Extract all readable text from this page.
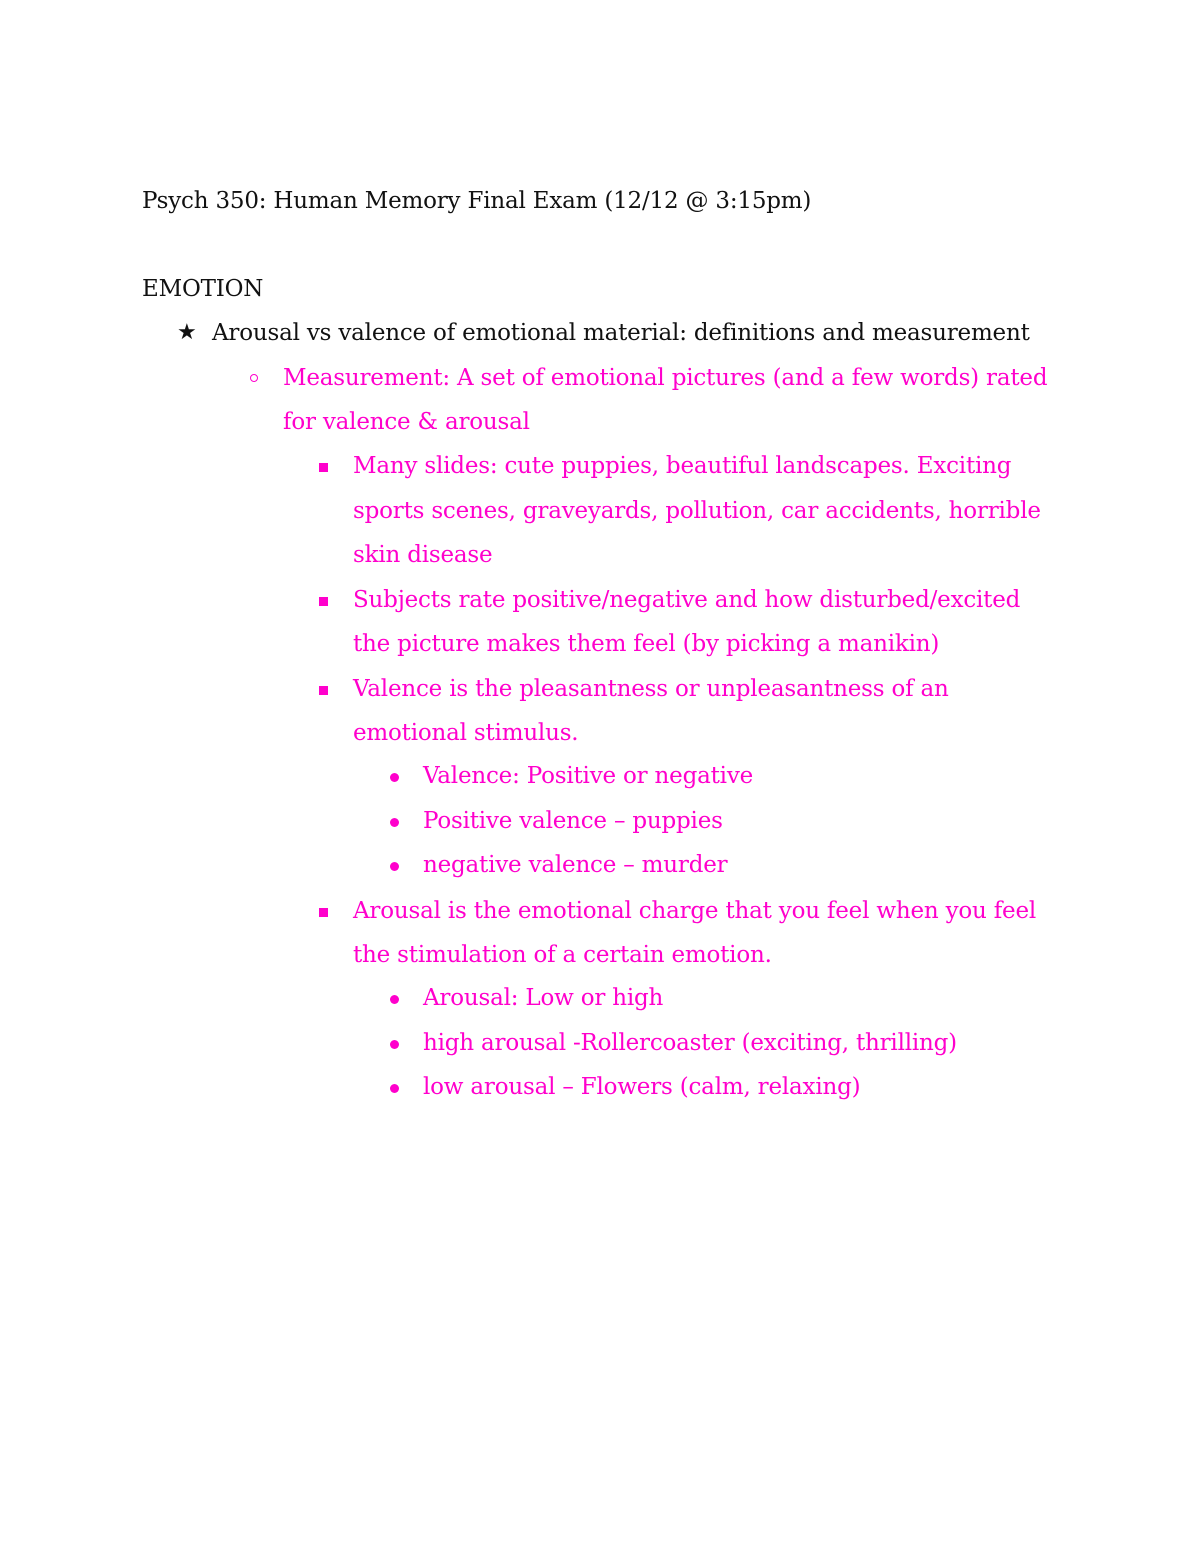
Psych 350: Human Memory Final Exam (12/12 @ 3:15pm)
EMOTION
★ Arousal vs valence of emotional material: definitions and measurement
Measurement: A set of emotional pictures (and a few words) rated
for valence & arousal
Many slides: cute puppies, beautiful landscapes. Exciting
sports scenes, graveyards, pollution, car accidents, horrible
skin disease
Subjects rate positive/negative and how disturbed/excited
the picture makes them feel (by picking a manikin)
Valence is the pleasantness or unpleasantness of an
emotional stimulus.
Valence: Positive or negative
Positive valence – puppies
negative valence – murder
Arousal is the emotional charge that you feel when you feel
the stimulation of a certain emotion.
Arousal: Low or high
high arousal -Rollercoaster (exciting, thrilling)
low arousal – Flowers (calm, relaxing)
